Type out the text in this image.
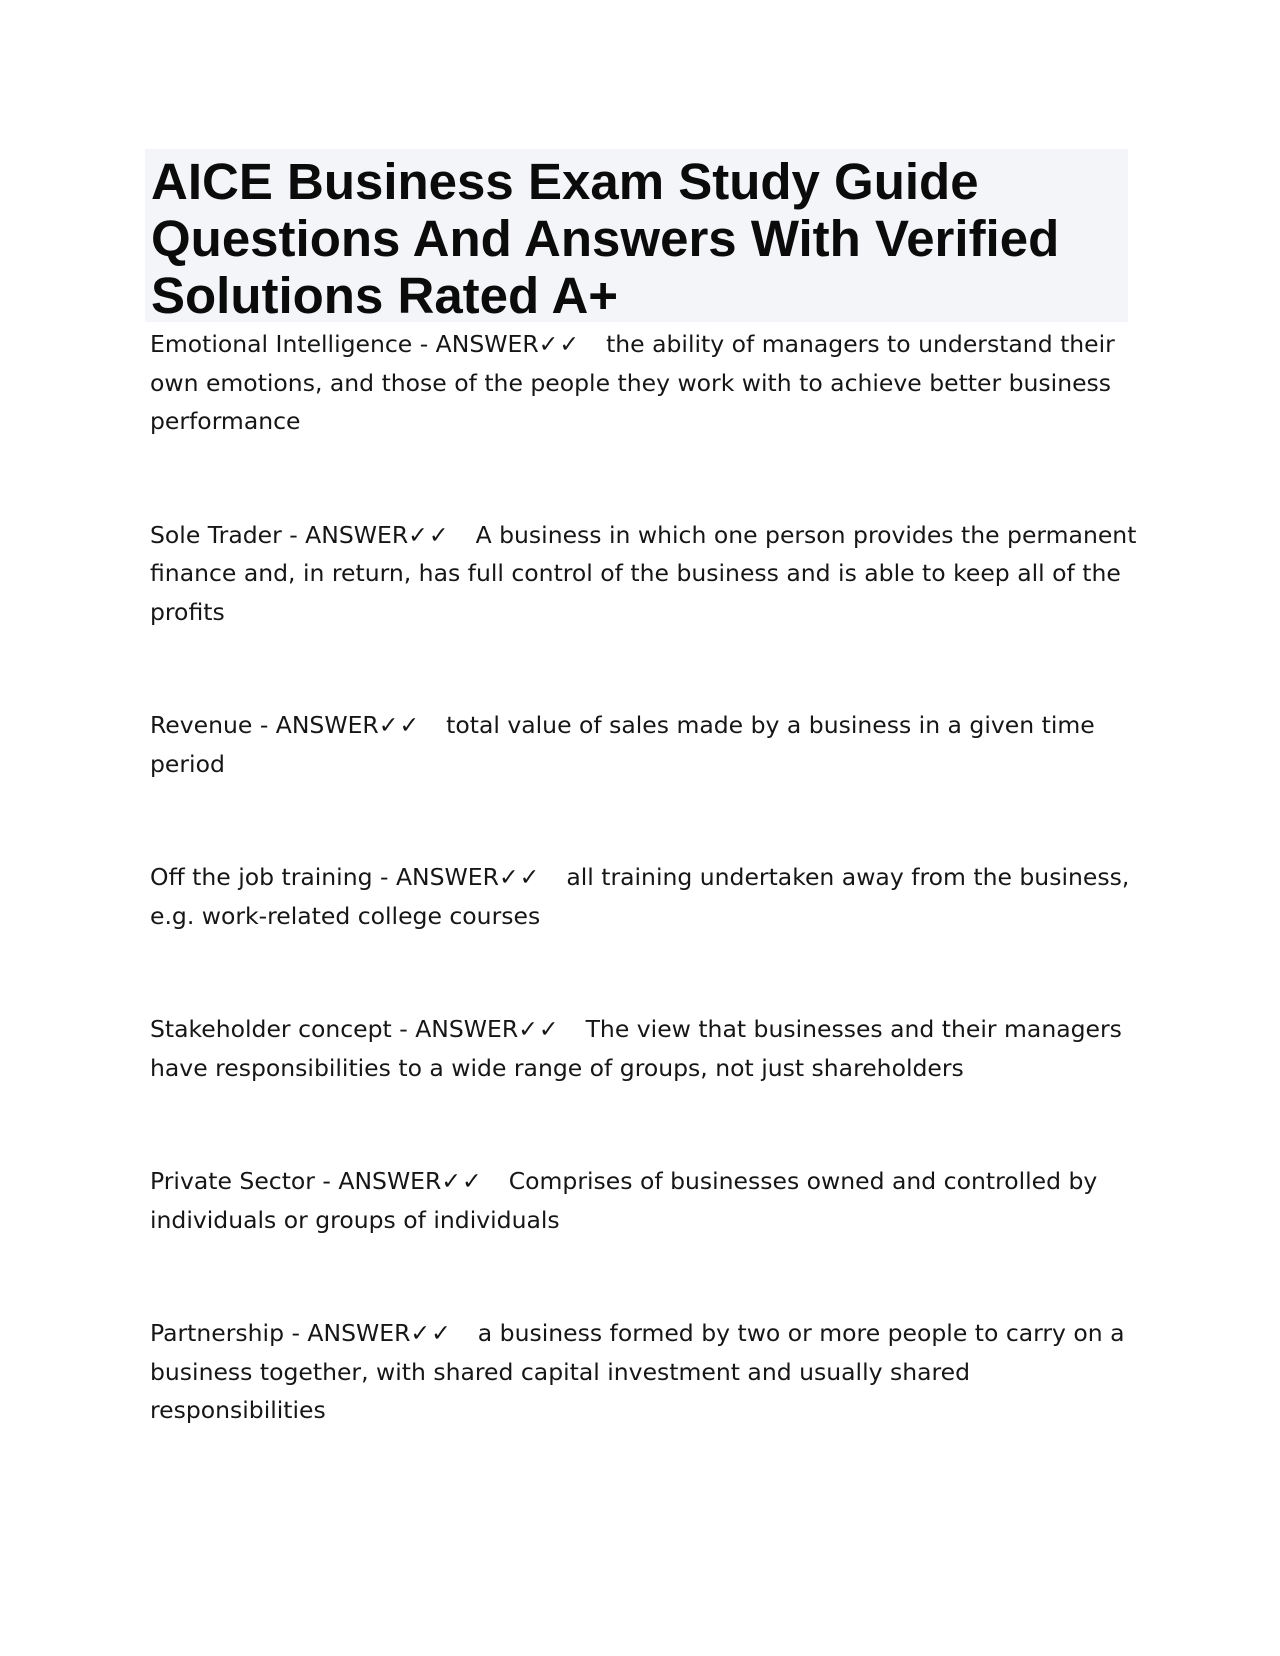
AICE Business Exam Study Guide Questions And Answers With Verified Solutions Rated A+

Emotional Intelligence - ANSWER✓✓ the ability of managers to understand their own emotions, and those of the people they work with to achieve better business performance

Sole Trader - ANSWER✓✓ A business in which one person provides the permanent finance and, in return, has full control of the business and is able to keep all of the profits

Revenue - ANSWER✓✓ total value of sales made by a business in a given time period

Off the job training - ANSWER✓✓ all training undertaken away from the business, e.g. work-related college courses

Stakeholder concept - ANSWER✓✓ The view that businesses and their managers have responsibilities to a wide range of groups, not just shareholders

Private Sector - ANSWER✓✓ Comprises of businesses owned and controlled by individuals or groups of individuals

Partnership - ANSWER✓✓ a business formed by two or more people to carry on a business together, with shared capital investment and usually shared responsibilities
